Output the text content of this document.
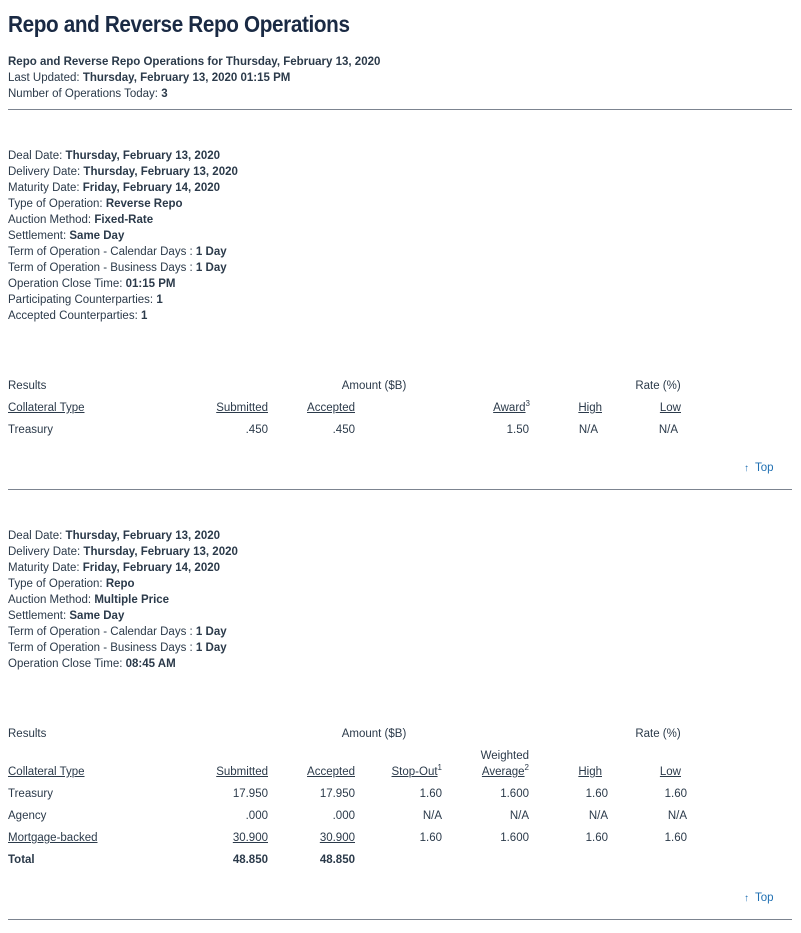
Repo and Reverse Repo Operations
Repo and Reverse Repo Operations for Thursday, February 13, 2020
Last Updated: Thursday, February 13, 2020 01:15 PM
Number of Operations Today: 3
Deal Date: Thursday, February 13, 2020
Delivery Date: Thursday, February 13, 2020
Maturity Date: Friday, February 14, 2020
Type of Operation: Reverse Repo
Auction Method: Fixed-Rate
Settlement: Same Day
Term of Operation - Calendar Days : 1 Day
Term of Operation - Business Days : 1 Day
Operation Close Time: 01:15 PM
Participating Counterparties: 1
Accepted Counterparties: 1
Results	Amount ($B)	Rate (%)
Collateral Type	Submitted	Accepted	Award$^3$	High	Low
Treasury	.450	.450	1.50	N/A	N/A
↑ Top
Deal Date: Thursday, February 13, 2020
Delivery Date: Thursday, February 13, 2020
Maturity Date: Friday, February 14, 2020
Type of Operation: Repo
Auction Method: Multiple Price
Settlement: Same Day
Term of Operation - Calendar Days : 1 Day
Term of Operation - Business Days : 1 Day
Operation Close Time: 08:45 AM
Results	Amount ($B)	Rate (%)
Weighted
Collateral Type	Submitted	Accepted	Stop-Out$^1$	Average$^2$	High	Low
Treasury	17.950	17.950	1.60	1.600	1.60	1.60
Agency	.000	.000	N/A	N/A	N/A	N/A
Mortgage-backed	30.900	30.900	1.60	1.600	1.60	1.60
Total	48.850	48.850
↑ Top
